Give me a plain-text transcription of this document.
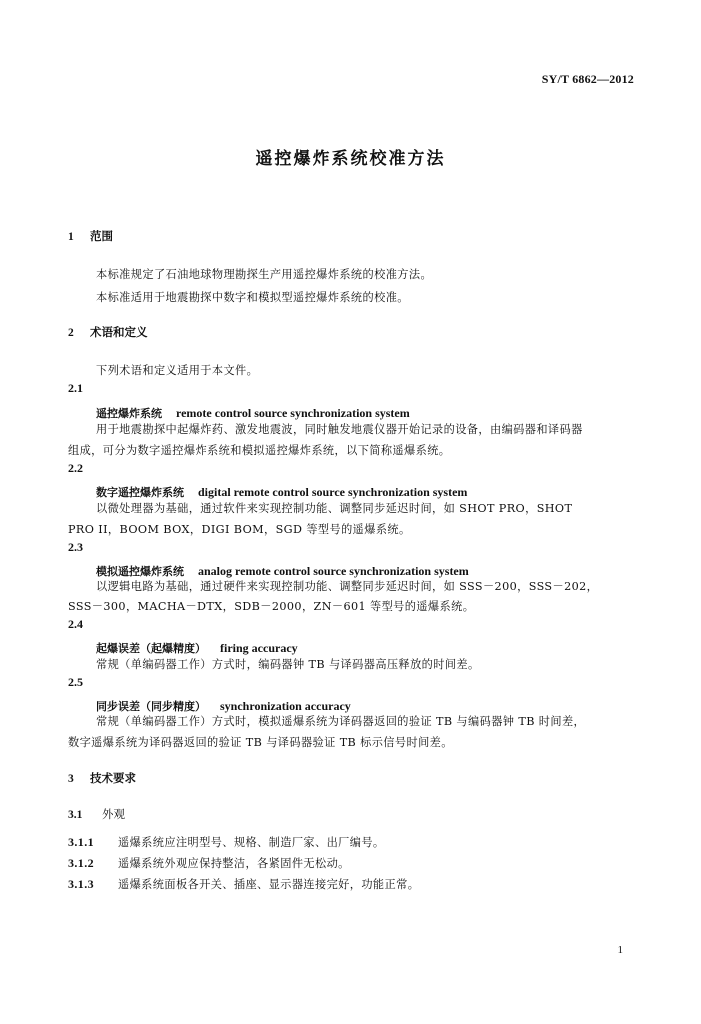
SY/T 6862—2012
遥控爆炸系统校准方法
1 范围
本标准规定了石油地球物理勘探生产用遥控爆炸系统的校准方法。
本标准适用于地震勘探中数字和模拟型遥控爆炸系统的校准。
2 术语和定义
下列术语和定义适用于本文件。
2.1
遥控爆炸系统 remote control source synchronization system
用于地震勘探中起爆炸药、激发地震波，同时触发地震仪器开始记录的设备，由编码器和译码器
组成，可分为数字遥控爆炸系统和模拟遥控爆炸系统，以下简称遥爆系统。
2.2
数字遥控爆炸系统 digital remote control source synchronization system
以微处理器为基础，通过软件来实现控制功能、调整同步延迟时间，如 SHOT PRO，SHOT
PRO II，BOOM BOX，DIGI BOM，SGD 等型号的遥爆系统。
2.3
模拟遥控爆炸系统 analog remote control source synchronization system
以逻辑电路为基础，通过硬件来实现控制功能、调整同步延迟时间，如 SSS－200，SSS－202，
SSS－300，MACHA－DTX，SDB－2000，ZN－601 等型号的遥爆系统。
2.4
起爆误差（起爆精度） firing accuracy
常规（单编码器工作）方式时，编码器钟 TB 与译码器高压释放的时间差。
2.5
同步误差（同步精度） synchronization accuracy
常规（单编码器工作）方式时，模拟遥爆系统为译码器返回的验证 TB 与编码器钟 TB 时间差，
数字遥爆系统为译码器返回的验证 TB 与译码器验证 TB 标示信号时间差。
3 技术要求
3.1 外观
3.1.1 遥爆系统应注明型号、规格、制造厂家、出厂编号。
3.1.2 遥爆系统外观应保持整洁，各紧固件无松动。
3.1.3 遥爆系统面板各开关、插座、显示器连接完好，功能正常。
1
